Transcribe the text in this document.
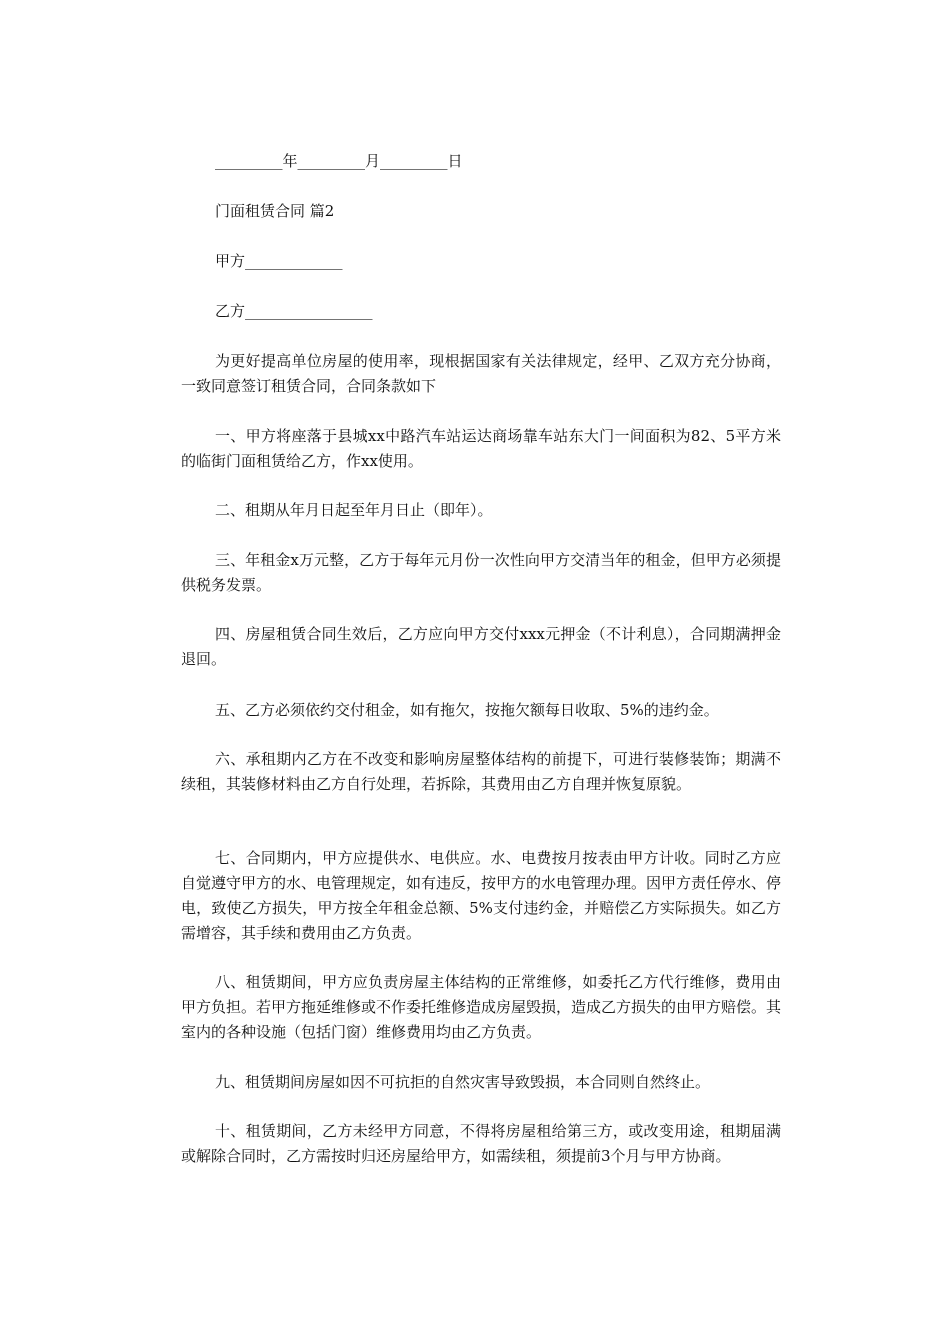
_________年_________月_________日
门面租赁合同 篇2
甲方_____________
乙方_________________
为更好提高单位房屋的使用率，现根据国家有关法律规定，经甲、乙双方充分协商，一致同意签订租赁合同，合同条款如下
一、甲方将座落于县城xx中路汽车站运达商场靠车站东大门一间面积为82、5平方米的临街门面租赁给乙方，作xx使用。
二、租期从年月日起至年月日止（即年）。
三、年租金x万元整，乙方于每年元月份一次性向甲方交清当年的租金，但甲方必须提供税务发票。
四、房屋租赁合同生效后，乙方应向甲方交付xxx元押金（不计利息），合同期满押金退回。
五、乙方必须依约交付租金，如有拖欠，按拖欠额每日收取、5%的违约金。
六、承租期内乙方在不改变和影响房屋整体结构的前提下，可进行装修装饰；期满不续租，其装修材料由乙方自行处理，若拆除，其费用由乙方自理并恢复原貌。
七、合同期内，甲方应提供水、电供应。水、电费按月按表由甲方计收。同时乙方应自觉遵守甲方的水、电管理规定，如有违反，按甲方的水电管理办理。因甲方责任停水、停电，致使乙方损失，甲方按全年租金总额、5%支付违约金，并赔偿乙方实际损失。如乙方需增容，其手续和费用由乙方负责。
八、租赁期间，甲方应负责房屋主体结构的正常维修，如委托乙方代行维修，费用由甲方负担。若甲方拖延维修或不作委托维修造成房屋毁损，造成乙方损失的由甲方赔偿。其室内的各种设施（包括门窗）维修费用均由乙方负责。
九、租赁期间房屋如因不可抗拒的自然灾害导致毁损，本合同则自然终止。
十、租赁期间，乙方未经甲方同意，不得将房屋租给第三方，或改变用途，租期届满或解除合同时，乙方需按时归还房屋给甲方，如需续租，须提前3个月与甲方协商。
